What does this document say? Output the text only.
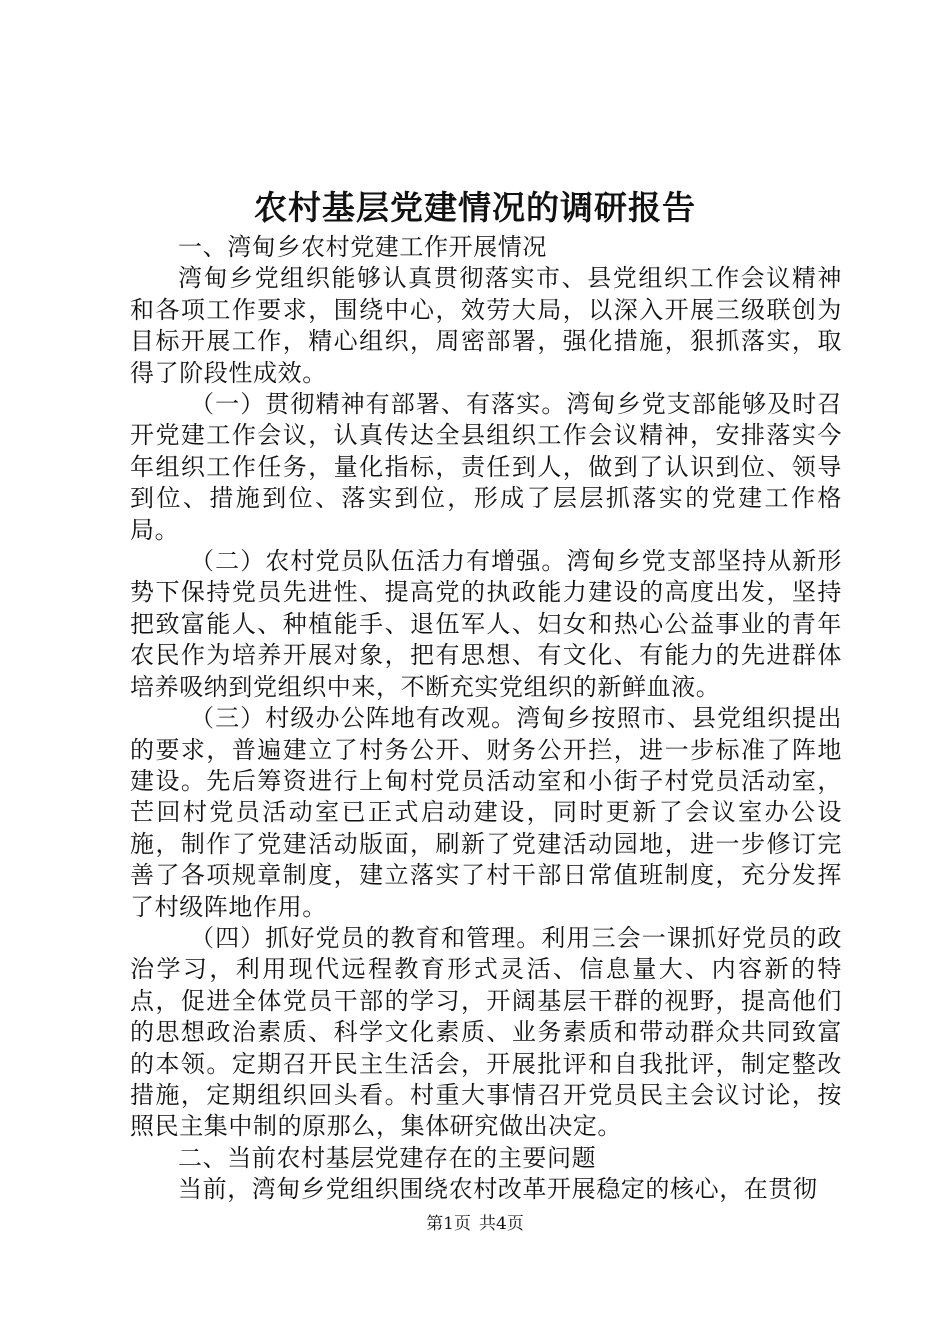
农村基层党建情况的调研报告

一、湾甸乡农村党建工作开展情况

湾甸乡党组织能够认真贯彻落实市、县党组织工作会议精神和各项工作要求，围绕中心，效劳大局，以深入开展三级联创为目标开展工作，精心组织，周密部署，强化措施，狠抓落实，取得了阶段性成效。

（一）贯彻精神有部署、有落实。湾甸乡党支部能够及时召开党建工作会议，认真传达全县组织工作会议精神，安排落实今年组织工作任务，量化指标，责任到人，做到了认识到位、领导到位、措施到位、落实到位，形成了层层抓落实的党建工作格局。

（二）农村党员队伍活力有增强。湾甸乡党支部坚持从新形势下保持党员先进性、提高党的执政能力建设的高度出发，坚持把致富能人、种植能手、退伍军人、妇女和热心公益事业的青年农民作为培养开展对象，把有思想、有文化、有能力的先进群体培养吸纳到党组织中来，不断充实党组织的新鲜血液。

（三）村级办公阵地有改观。湾甸乡按照市、县党组织提出的要求，普遍建立了村务公开、财务公开拦，进一步标准了阵地建设。先后筹资进行上甸村党员活动室和小街子村党员活动室，芒回村党员活动室已正式启动建设，同时更新了会议室办公设施，制作了党建活动版面，刷新了党建活动园地，进一步修订完善了各项规章制度，建立落实了村干部日常值班制度，充分发挥了村级阵地作用。

（四）抓好党员的教育和管理。利用三会一课抓好党员的政治学习，利用现代远程教育形式灵活、信息量大、内容新的特点，促进全体党员干部的学习，开阔基层干群的视野，提高他们的思想政治素质、科学文化素质、业务素质和带动群众共同致富的本领。定期召开民主生活会，开展批评和自我批评，制定整改措施，定期组织回头看。村重大事情召开党员民主会议讨论，按照民主集中制的原那么，集体研究做出决定。

二、当前农村基层党建存在的主要问题

当前，湾甸乡党组织围绕农村改革开展稳定的核心，在贯彻

第1页 共4页
